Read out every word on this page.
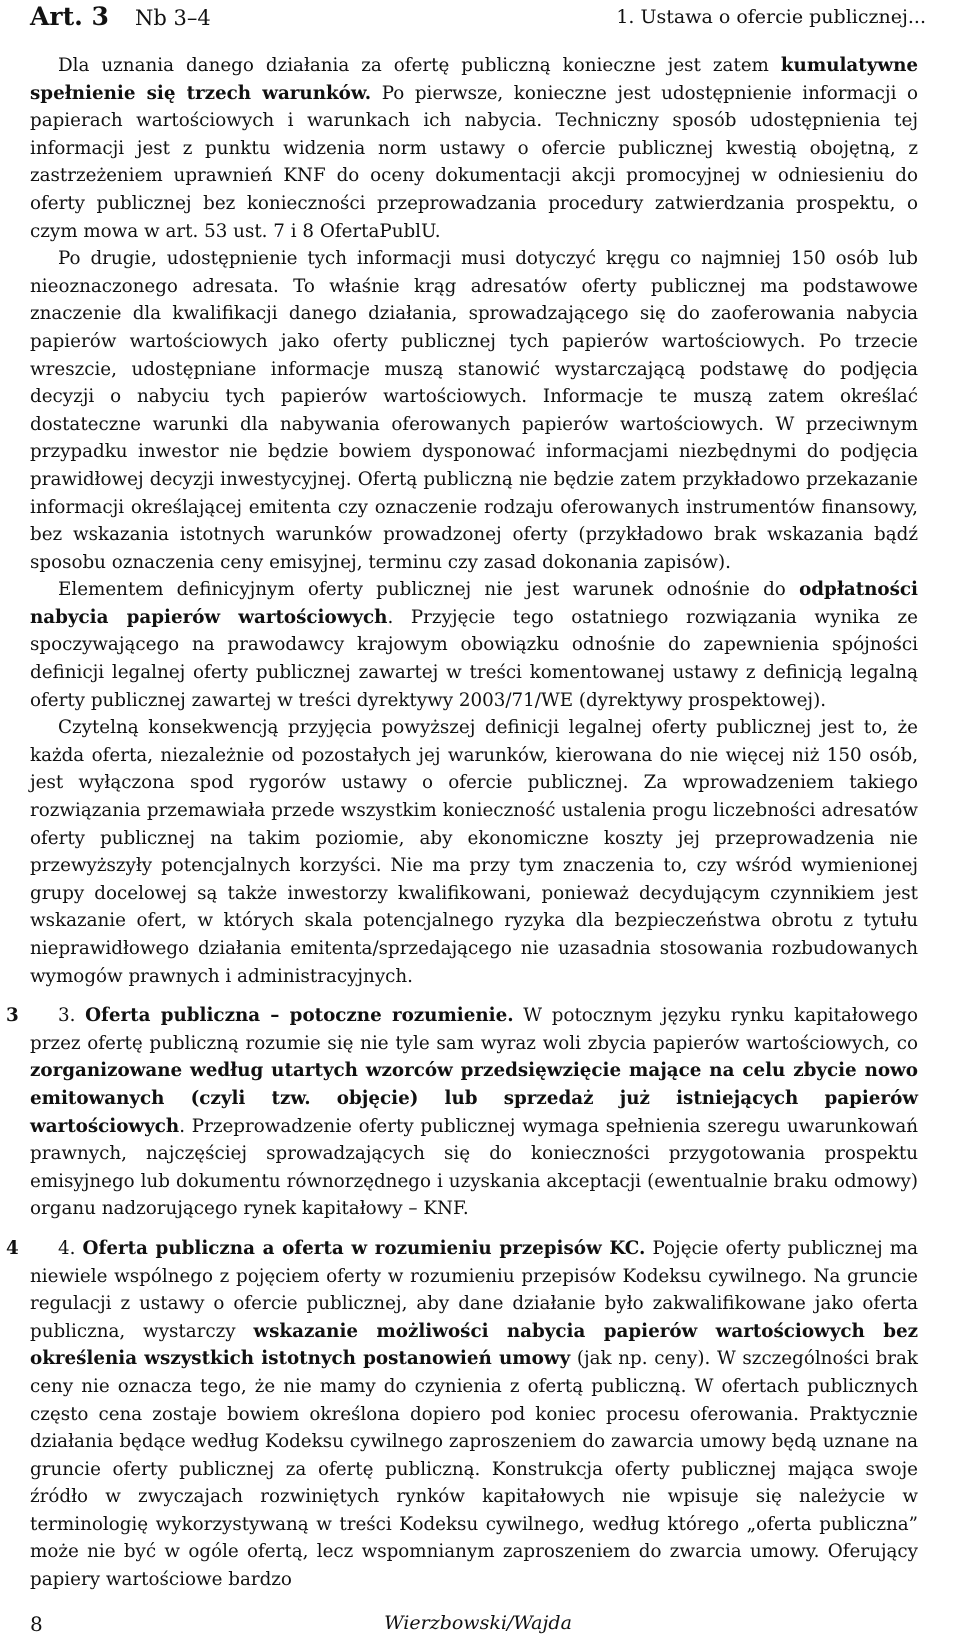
Art. 3 Nb 3–4	1. Ustawa o ofercie publicznej...

Dla uznania danego działania za ofertę publiczną konieczne jest zatem kumulatywne spełnienie się trzech warunków. Po pierwsze, konieczne jest udostępnienie informacji o papierach wartościowych i warunkach ich nabycia. Techniczny sposób udostępnienia tej informacji jest z punktu widzenia norm ustawy o ofercie publicznej kwestią obojętną, z zastrzeżeniem uprawnień KNF do oceny dokumentacji akcji promocyjnej w odniesieniu do oferty publicznej bez konieczności przeprowadzania procedury zatwierdzania prospektu, o czym mowa w art. 53 ust. 7 i 8 OfertaPublU.

Po drugie, udostępnienie tych informacji musi dotyczyć kręgu co najmniej 150 osób lub nieoznaczonego adresata. To właśnie krąg adresatów oferty publicznej ma podstawowe znaczenie dla kwalifikacji danego działania, sprowadzającego się do zaoferowania nabycia papierów wartościowych jako oferty publicznej tych papierów wartościowych. Po trzecie wreszcie, udostępniane informacje muszą stanowić wystarczającą podstawę do podjęcia decyzji o nabyciu tych papierów wartościowych. Informacje te muszą zatem określać dostateczne warunki dla nabywania oferowanych papierów wartościowych. W przeciwnym przypadku inwestor nie będzie bowiem dysponować informacjami niezbędnymi do podjęcia prawidłowej decyzji inwestycyjnej. Ofertą publiczną nie będzie zatem przykładowo przekazanie informacji określającej emitenta czy oznaczenie rodzaju oferowanych instrumentów finansowy, bez wskazania istotnych warunków prowadzonej oferty (przykładowo brak wskazania bądź sposobu oznaczenia ceny emisyjnej, terminu czy zasad dokonania zapisów).

Elementem definicyjnym oferty publicznej nie jest warunek odnośnie do odpłatności nabycia papierów wartościowych. Przyjęcie tego ostatniego rozwiązania wynika ze spoczywającego na prawodawcy krajowym obowiązku odnośnie do zapewnienia spójności definicji legalnej oferty publicznej zawartej w treści komentowanej ustawy z definicją legalną oferty publicznej zawartej w treści dyrektywy 2003/71/WE (dyrektywy prospektowej).

Czytelną konsekwencją przyjęcia powyższej definicji legalnej oferty publicznej jest to, że każda oferta, niezależnie od pozostałych jej warunków, kierowana do nie więcej niż 150 osób, jest wyłączona spod rygorów ustawy o ofercie publicznej. Za wprowadzeniem takiego rozwiązania przemawiała przede wszystkim konieczność ustalenia progu liczebności adresatów oferty publicznej na takim poziomie, aby ekonomiczne koszty jej przeprowadzenia nie przewyższyły potencjalnych korzyści. Nie ma przy tym znaczenia to, czy wśród wymienionej grupy docelowej są także inwestorzy kwalifikowani, ponieważ decydującym czynnikiem jest wskazanie ofert, w których skala potencjalnego ryzyka dla bezpieczeństwa obrotu z tytułu nieprawidłowego działania emitenta/sprzedającego nie uzasadnia stosowania rozbudowanych wymogów prawnych i administracyjnych.

3 3. Oferta publiczna – potoczne rozumienie. W potocznym języku rynku kapitałowego przez ofertę publiczną rozumie się nie tyle sam wyraz woli zbycia papierów wartościowych, co zorganizowane według utartych wzorców przedsięwzięcie mające na celu zbycie nowo emitowanych (czyli tzw. objęcie) lub sprzedaż już istniejących papierów wartościowych. Przeprowadzenie oferty publicznej wymaga spełnienia szeregu uwarunkowań prawnych, najczęściej sprowadzających się do konieczności przygotowania prospektu emisyjnego lub dokumentu równorzędnego i uzyskania akceptacji (ewentualnie braku odmowy) organu nadzorującego rynek kapitałowy – KNF.

4 4. Oferta publiczna a oferta w rozumieniu przepisów KC. Pojęcie oferty publicznej ma niewiele wspólnego z pojęciem oferty w rozumieniu przepisów Kodeksu cywilnego. Na gruncie regulacji z ustawy o ofercie publicznej, aby dane działanie było zakwalifikowane jako oferta publiczna, wystarczy wskazanie możliwości nabycia papierów wartościowych bez określenia wszystkich istotnych postanowień umowy (jak np. ceny). W szczególności brak ceny nie oznacza tego, że nie mamy do czynienia z ofertą publiczną. W ofertach publicznych często cena zostaje bowiem określona dopiero pod koniec procesu oferowania. Praktycznie działania będące według Kodeksu cywilnego zaproszeniem do zawarcia umowy będą uznane na gruncie oferty publicznej za ofertę publiczną. Konstrukcja oferty publicznej mająca swoje źródło w zwyczajach rozwiniętych rynków kapitałowych nie wpisuje się należycie w terminologię wykorzystywaną w treści Kodeksu cywilnego, według którego „oferta publiczna” może nie być w ogóle ofertą, lecz wspomnianym zaproszeniem do zwarcia umowy. Oferujący papiery wartościowe bardzo

8	Wierzbowski/Wajda
